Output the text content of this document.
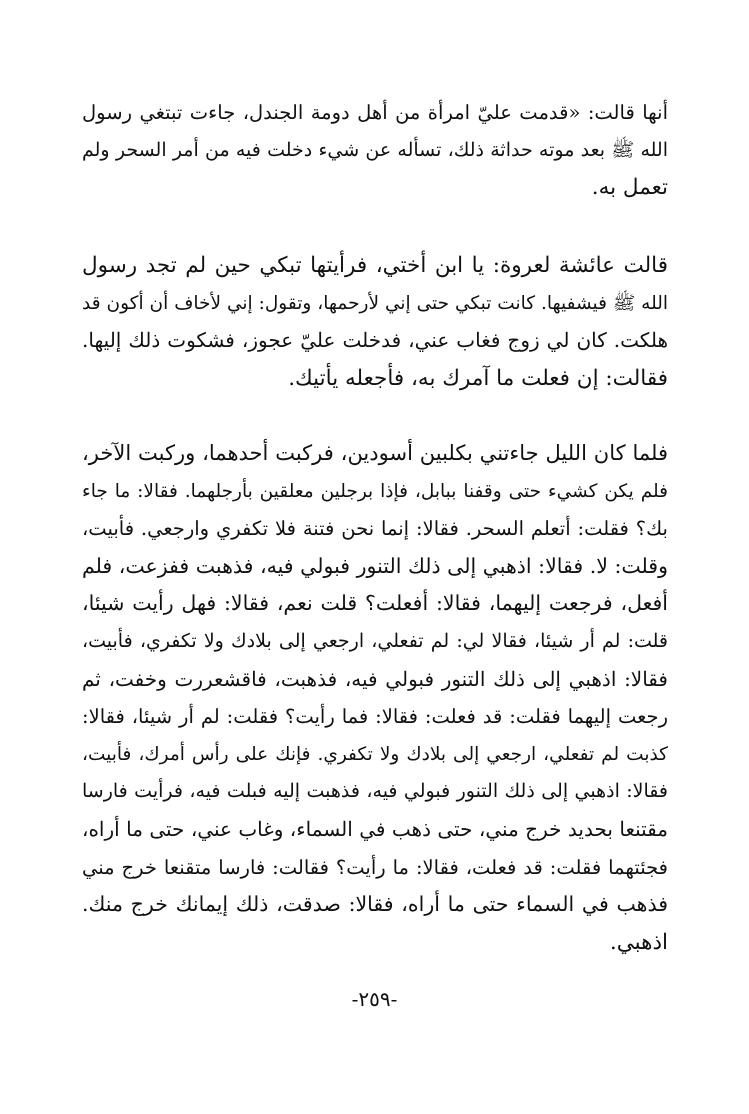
أنها قالت: «قدمت عليّ امرأة من أهل دومة الجندل، جاءت تبتغي رسول
الله ﷺ بعد موته حداثة ذلك، تسأله عن شيء دخلت فيه من أمر السحر ولم
تعمل به.
قالت عائشة لعروة: يا ابن أختي، فرأيتها تبكي حين لم تجد رسول
الله ﷺ فيشفيها. كانت تبكي حتى إني لأرحمها، وتقول: إني لأخاف أن أكون قد
هلكت. كان لي زوج فغاب عني، فدخلت عليّ عجوز، فشكوت ذلك إليها.
فقالت: إن فعلت ما آمرك به، فأجعله يأتيك.
فلما كان الليل جاءتني بكلبين أسودين، فركبت أحدهما، وركبت الآخر،
فلم يكن كشيء حتى وقفنا ببابل، فإذا برجلين معلقين بأرجلهما. فقالا: ما جاء
بك؟ فقلت: أتعلم السحر. فقالا: إنما نحن فتنة فلا تكفري وارجعي. فأبيت،
وقلت: لا. فقالا: اذهبي إلى ذلك التنور فبولي فيه، فذهبت ففزعت، فلم
أفعل، فرجعت إليهما، فقالا: أفعلت؟ قلت نعم، فقالا: فهل رأيت شيئا،
قلت: لم أر شيئا، فقالا لي: لم تفعلي، ارجعي إلى بلادك ولا تكفري، فأبيت،
فقالا: اذهبي إلى ذلك التنور فبولي فيه، فذهبت، فاقشعررت وخفت، ثم
رجعت إليهما فقلت: قد فعلت: فقالا: فما رأيت؟ فقلت: لم أر شيئا، فقالا:
كذبت لم تفعلي، ارجعي إلى بلادك ولا تكفري. فإنك على رأس أمرك، فأبيت،
فقالا: اذهبي إلى ذلك التنور فبولي فيه، فذهبت إليه فبلت فيه، فرأيت فارسا
مقتنعا بحديد خرج مني، حتى ذهب في السماء، وغاب عني، حتى ما أراه،
فجئتهما فقلت: قد فعلت، فقالا: ما رأيت؟ فقالت: فارسا متقنعا خرج مني
فذهب في السماء حتى ما أراه، فقالا: صدقت، ذلك إيمانك خرج منك.
اذهبي.
-٢٥٩-
